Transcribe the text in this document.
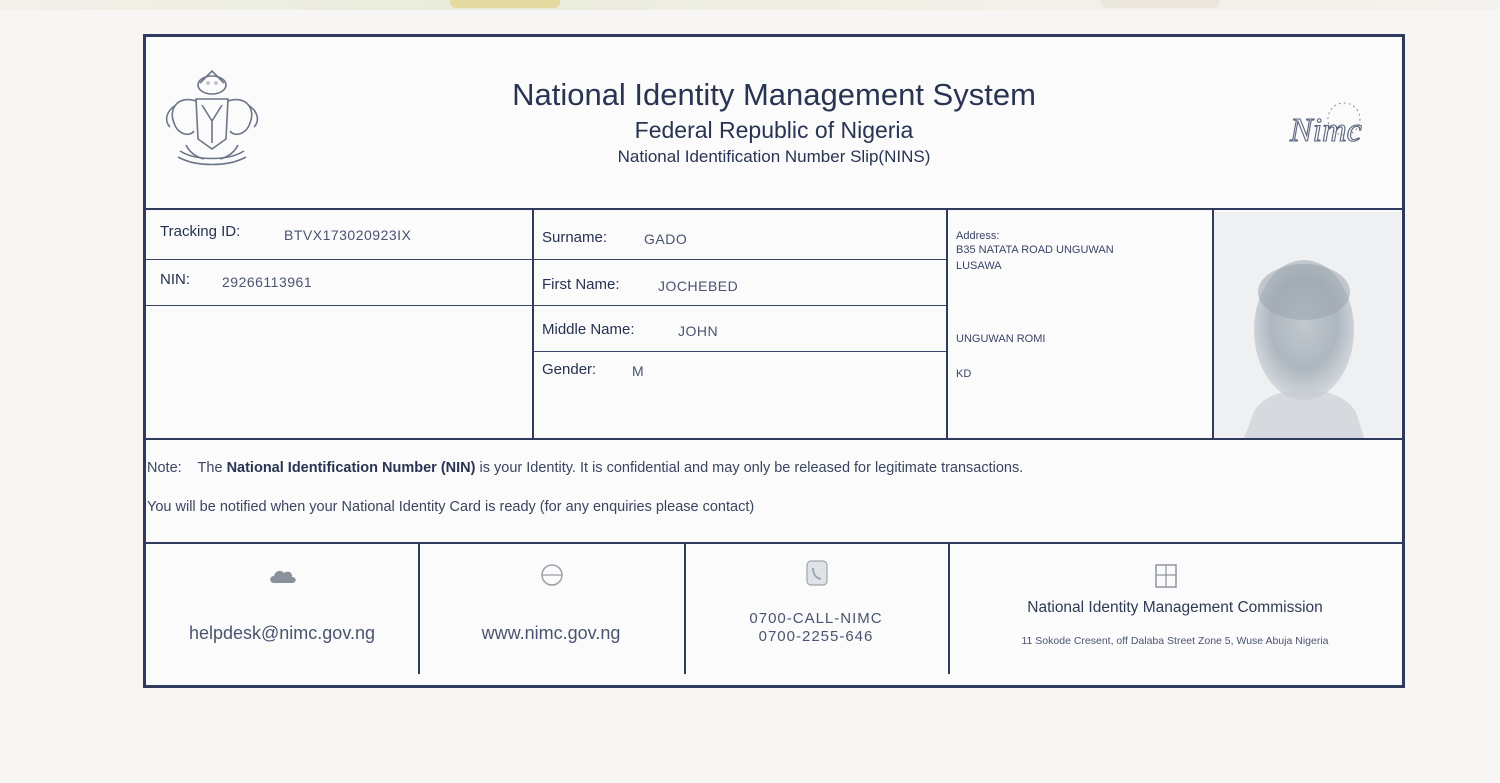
National Identity Management System
Federal Republic of Nigeria
National Identification Number Slip(NINS)
Nimc
Tracking ID:	BTVX173020923IX
NIN: 29266113961
Surname:	GADO
First Name:	JOCHEBED
Middle Name:	JOHN
Gender:	M
Address:
B35 NATATA ROAD UNGUWAN
LUSAWA
UNGUWAN ROMI
KD
Note: The National Identification Number (NIN) is your Identity. It is confidential and may only be released for legitimate transactions.
You will be notified when your National Identity Card is ready (for any enquiries please contact)
helpdesk@nimc.gov.ng	www.nimc.gov.ng
0700-CALL-NIMC
0700-2255-646
National Identity Management Commission
11 Sokode Cresent, off Dalaba Street Zone 5, Wuse Abuja Nigeria
